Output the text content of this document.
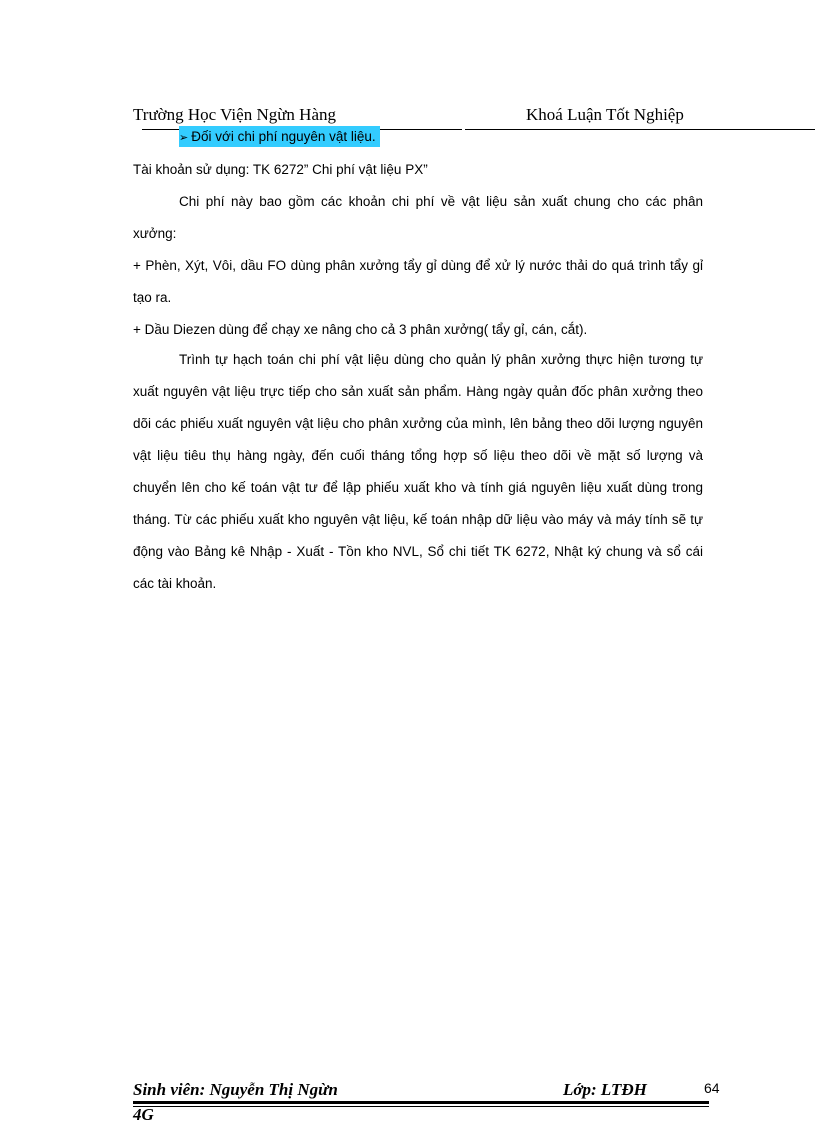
Trường Học Viện Ngừn Hàng	Khoá Luận Tốt Nghiệp
➢ Đối với chi phí nguyên vật liệu.
Tài khoản sử dụng: TK 6272” Chi phí vật liệu PX”
Chi phí này bao gồm các khoản chi phí về vật liệu sản xuất chung cho các phân xưởng:
+ Phèn, Xýt, Vôi, dầu FO dùng phân xưởng tẩy gỉ dùng để xử lý nước thải do quá trình tẩy gỉ tạo ra.
+ Dầu Diezen dùng để chạy xe nâng cho cả 3 phân xưởng( tẩy gỉ, cán, cắt).
Trình tự hạch toán chi phí vật liệu dùng cho quản lý phân xưởng thực hiện tương tự xuất nguyên vật liệu trực tiếp cho sản xuất sản phẩm. Hàng ngày quản đốc phân xưởng theo dõi các phiếu xuất nguyên vật liệu cho phân xưởng của mình, lên bảng theo dõi lượng nguyên vật liệu tiêu thụ hàng ngày, đến cuối tháng tổng hợp số liệu theo dõi về mặt số lượng và chuyển lên cho kế toán vật tư để lập phiếu xuất kho và tính giá nguyên liệu xuất dùng trong tháng. Từ các phiếu xuất kho nguyên vật liệu, kế toán nhập dữ liệu vào máy và máy tính sẽ tự động vào Bảng kê Nhập - Xuất - Tồn kho NVL, Sổ chi tiết TK 6272, Nhật ký chung và sổ cái các tài khoản.
Sinh viên: Nguyễn Thị Ngừn	Lớp: LTĐH	64
4G
